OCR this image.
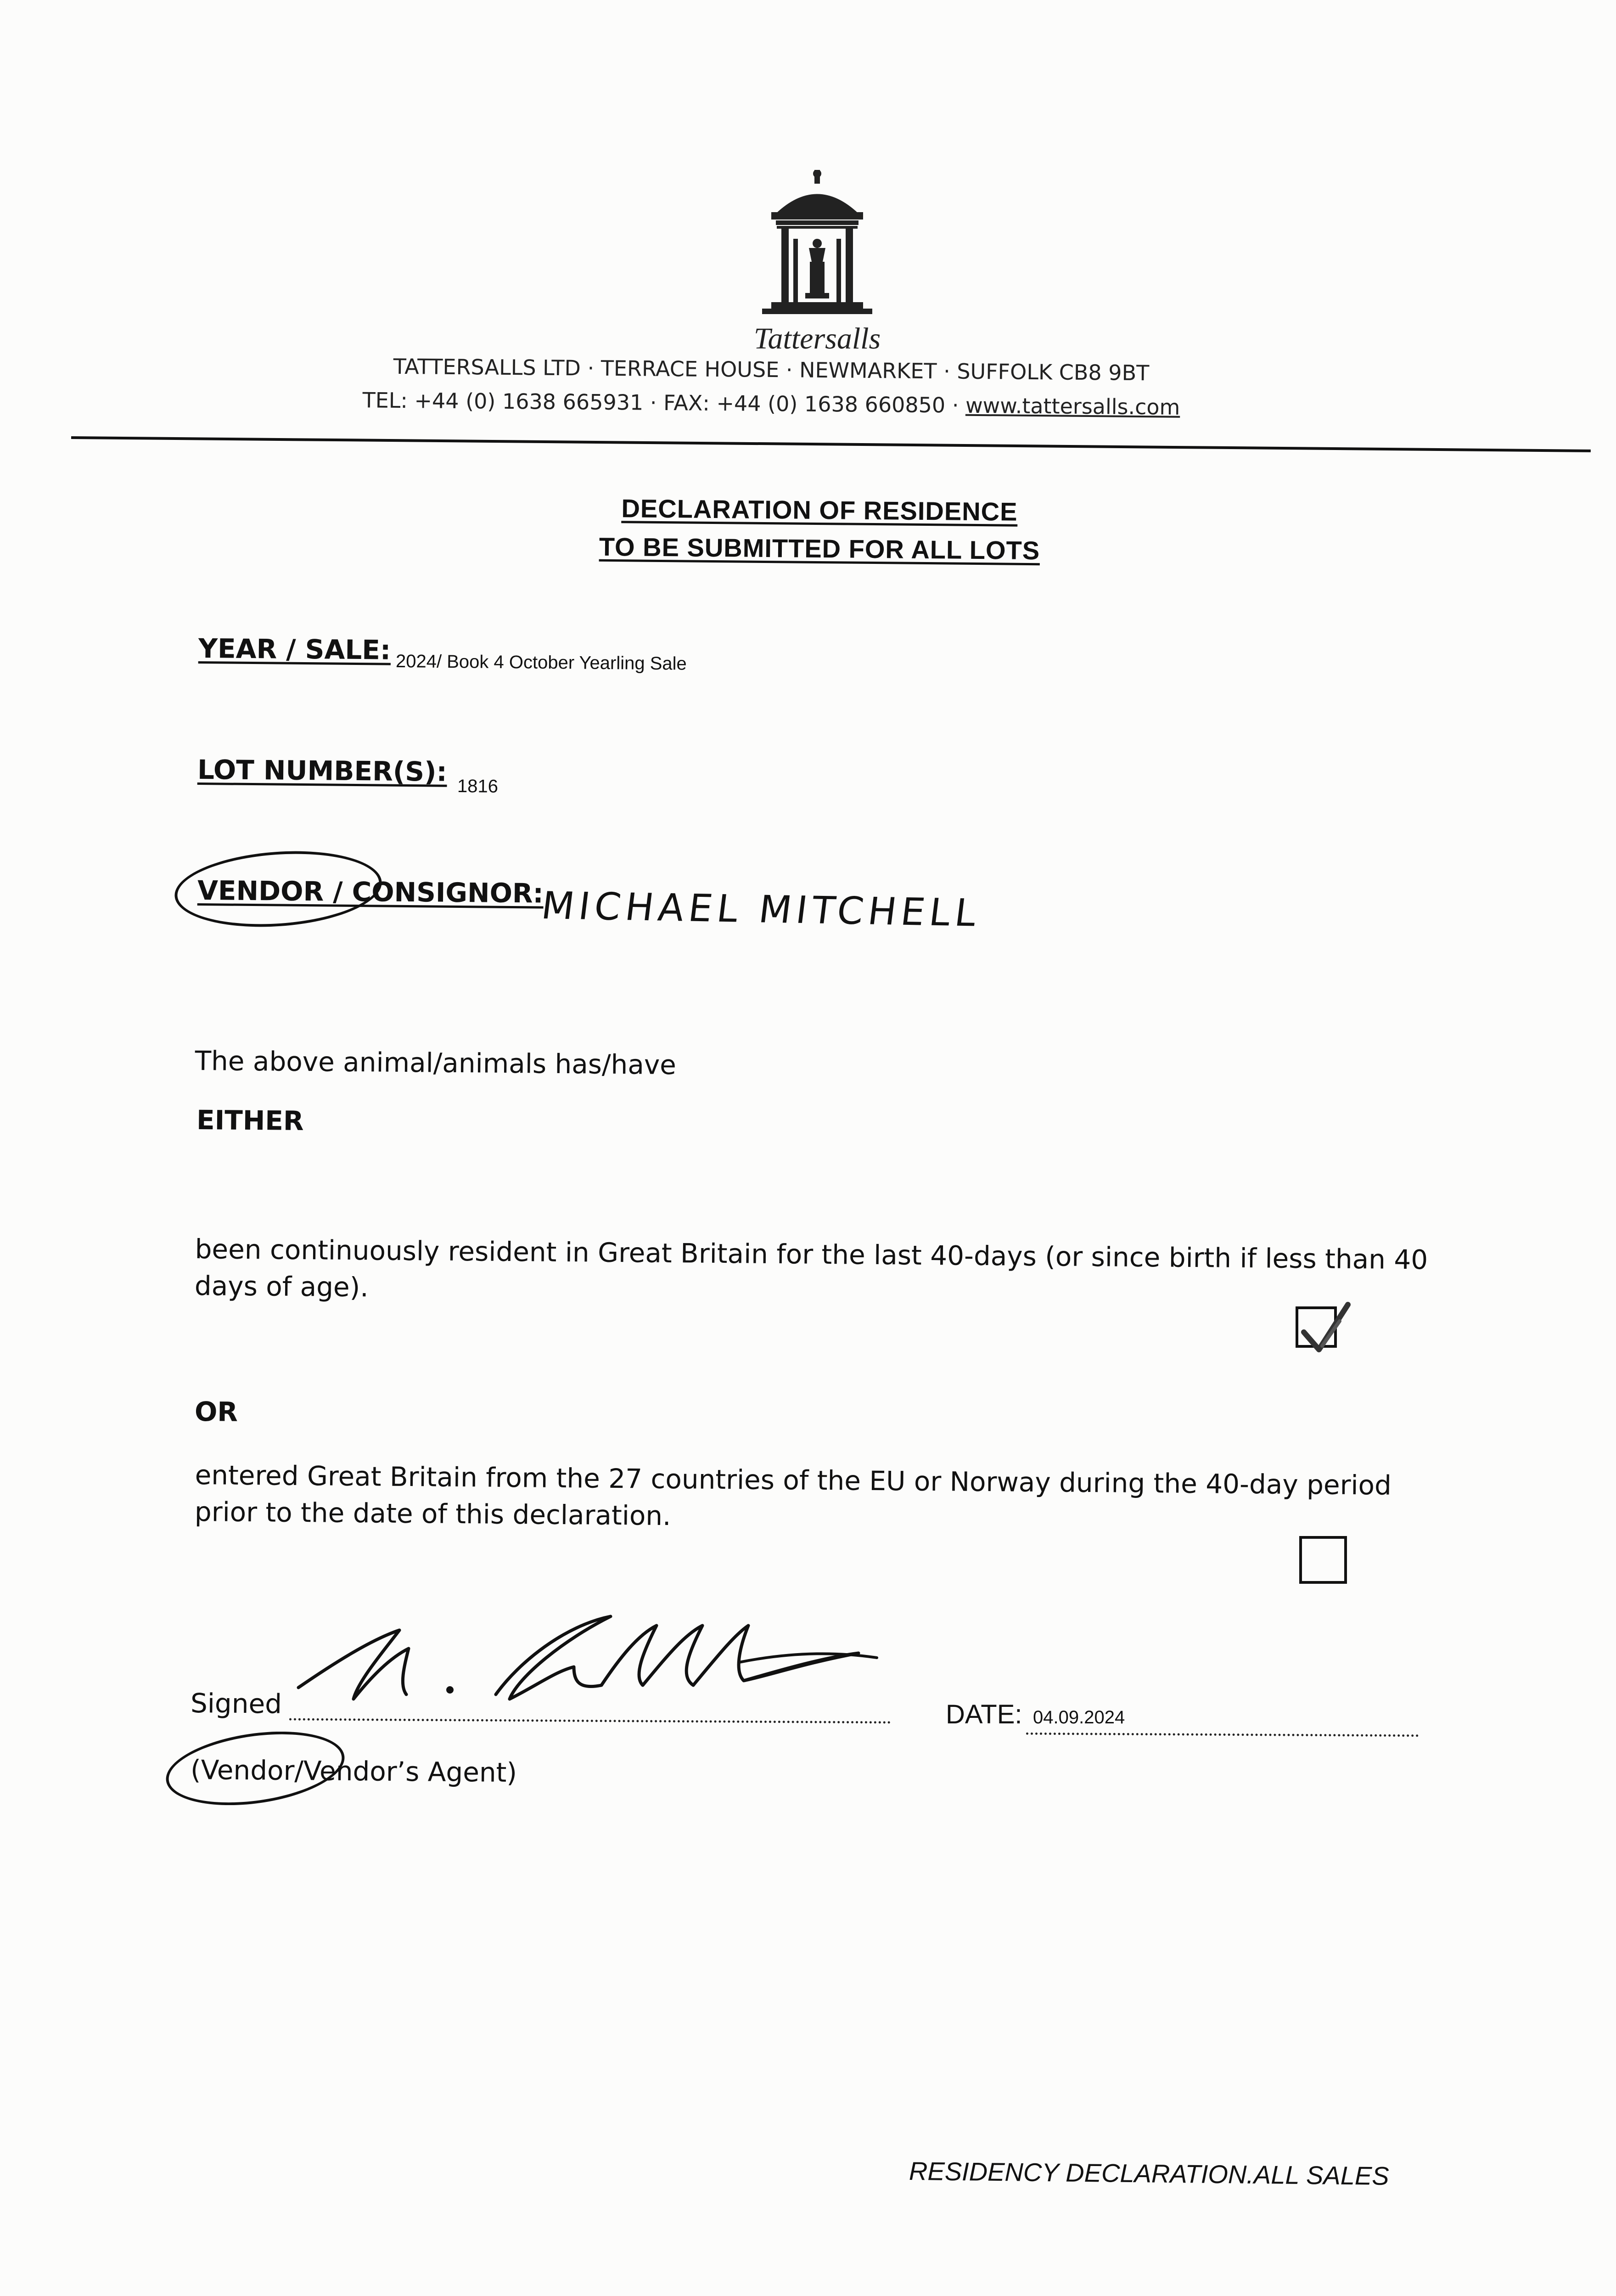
Tattersalls
TATTERSALLS LTD · TERRACE HOUSE · NEWMARKET · SUFFOLK CB8 9BT
TEL: +44 (0) 1638 665931 · FAX: +44 (0) 1638 660850 · www.tattersalls.com
DECLARATION OF RESIDENCE
TO BE SUBMITTED FOR ALL LOTS
YEAR / SALE: 2024/ Book 4 October Yearling Sale
LOT NUMBER(S): 1816
VENDOR / CONSIGNOR:
MICHAEL MITCHELL
The above animal/animals has/have
EITHER
been continuously resident in Great Britain for the last 40-days (or since birth if less than 40 days of age).
OR
entered Great Britain from the 27 countries of the EU or Norway during the 40-day period prior to the date of this declaration.
Signed	DATE: 04.09.2024
(Vendor/Vendor’s Agent)
RESIDENCY DECLARATION.ALL SALES
